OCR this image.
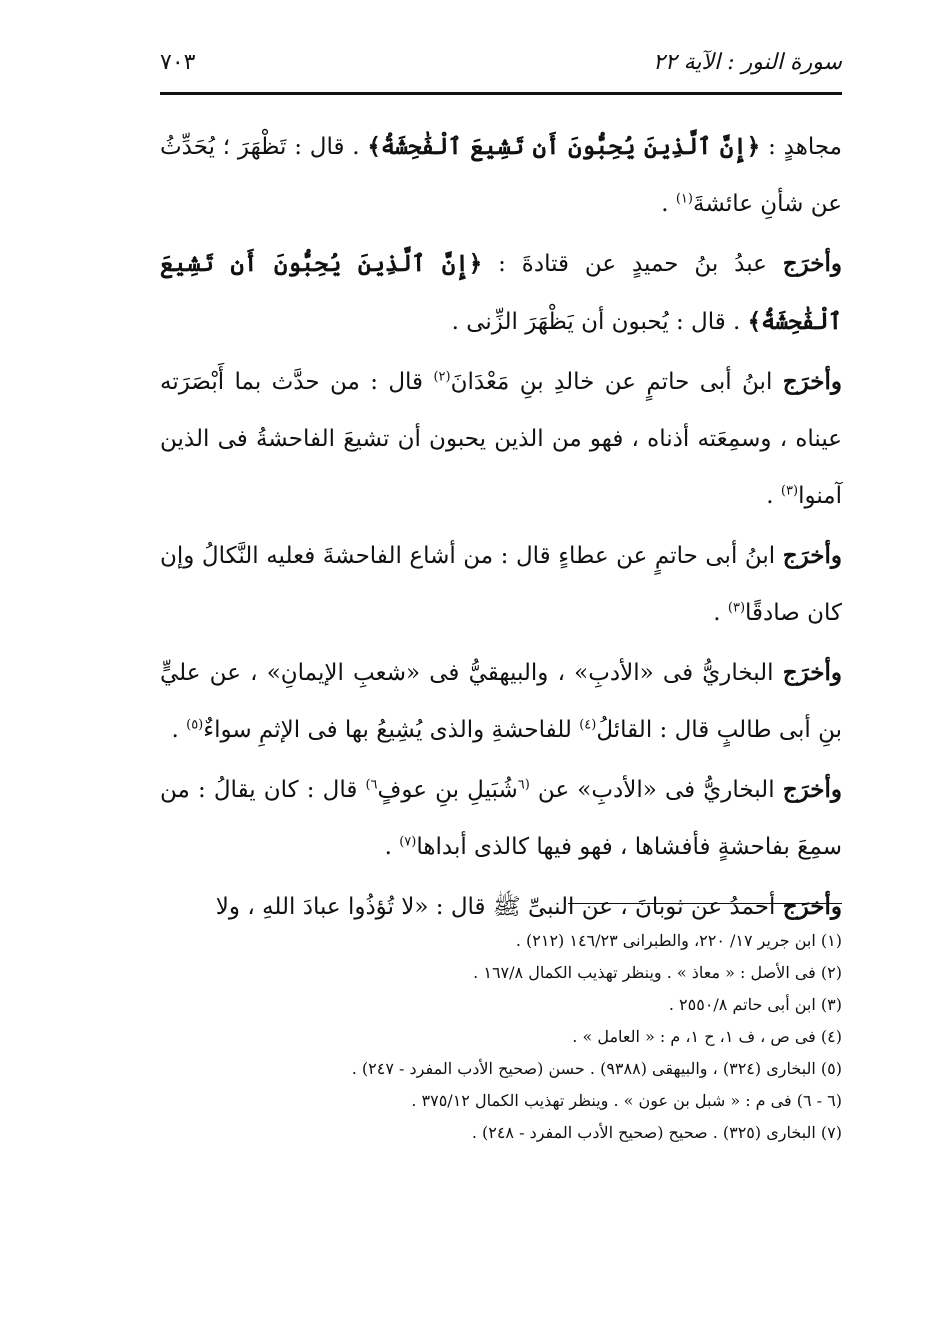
سورة النور : الآية ٢٢
٧٠٣

مجاهدٍ : ﴿إِنَّ ٱلَّذِينَ يُحِبُّونَ أَن تَشِيعَ ٱلْفَٰحِشَةُ﴾ . قال : تَظْهَرَ ؛ يُحَدِّثُ عن شأنِ عائشةَ$^{(١)}$ .

وأخرَج عبدُ بنُ حميدٍ عن قتادةَ : ﴿إِنَّ ٱلَّذِينَ يُحِبُّونَ أَن تَشِيعَ ٱلْفَٰحِشَةُ﴾ . قال : يُحبون أن يَظْهَرَ الزِّنى .

وأخرَج ابنُ أبى حاتمٍ عن خالدِ بنِ مَعْدَانَ$^{(٢)}$ قال : من حدَّث بما أَبْصَرَته عيناه ، وسمِعَته أذناه ، فهو من الذين يحبون أن تشيعَ الفاحشةُ فى الذين آمنوا$^{(٣)}$ .

وأخرَج ابنُ أبى حاتمٍ عن عطاءٍ قال : من أشاع الفاحشةَ فعليه النَّكالُ وإن كان صادقًا$^{(٣)}$ .

وأخرَج البخاريُّ فى «الأدبِ» ، والبيهقيُّ فى «شعبِ الإيمانِ» ، عن عليٍّ بنِ أبى طالبٍ قال : القائلُ$^{(٤)}$ للفاحشةِ والذى يُشِيعُ بها فى الإثمِ سواءٌ$^{(٥)}$ .

وأخرَج البخاريُّ فى «الأدبِ» عن $^{(٦}$شُبَيلِ بنِ عوفٍ$^{٦)}$ قال : كان يقالُ : من سمِعَ بفاحشةٍ فأفشاها ، فهو فيها كالذى أبداها$^{(٧)}$ .

وأخرَج أحمدُ عن ثوبانَ ، عن النبىِّ ﷺ قال : «لا تُؤذُوا عبادَ اللهِ ، ولا

(١) ابن جرير ١٧/ ٢٢٠، والطبرانى ١٤٦/٢٣ (٢١٢) .
(٢) فى الأصل : « معاذ » . وينظر تهذيب الكمال ١٦٧/٨ .
(٣) ابن أبى حاتم ٢٥٥٠/٨ .
(٤) فى ص ، ف ١، ح ١، م : « العامل » .
(٥) البخارى (٣٢٤) ، والبيهقى (٩٣٨٨) . حسن (صحيح الأدب المفرد - ٢٤٧) .
(٦ - ٦) فى م : « شبل بن عون » . وينظر تهذيب الكمال ٣٧٥/١٢ .
(٧) البخارى (٣٢٥) . صحيح (صحيح الأدب المفرد - ٢٤٨) .
